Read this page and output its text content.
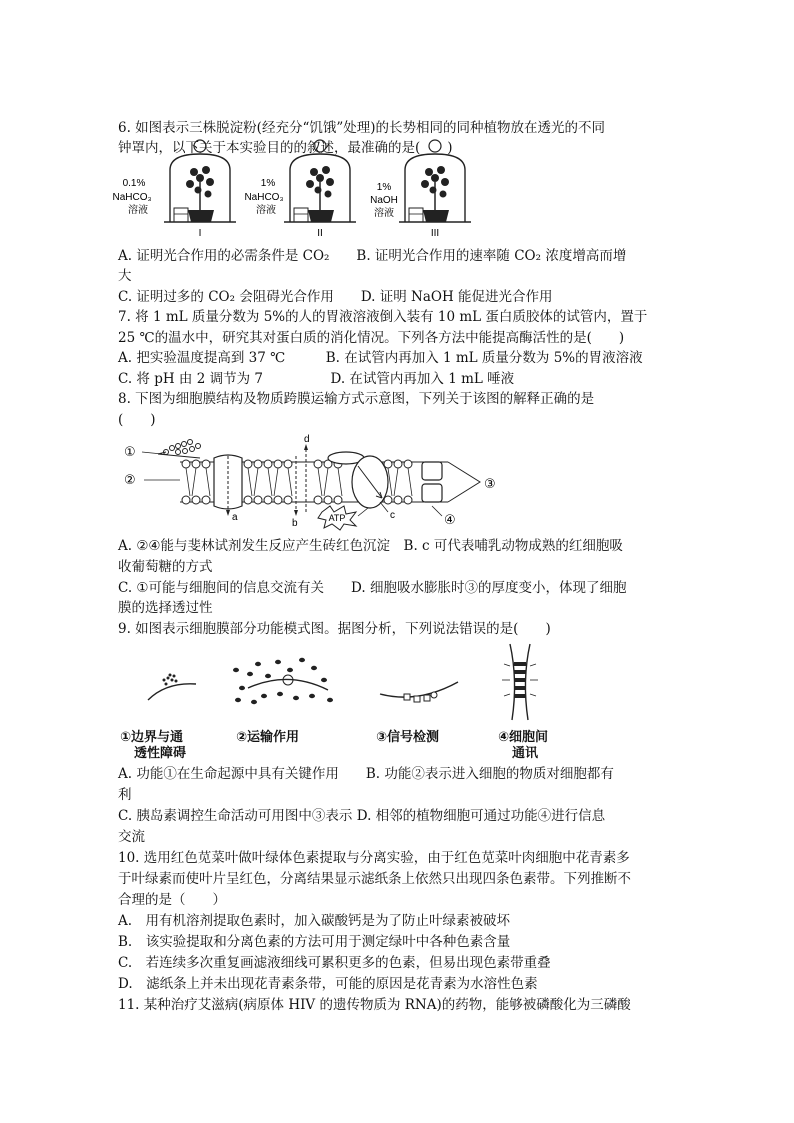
6. 如图表示三株脱淀粉(经充分“饥饿”处理)的长势相同的同种植物放在透光的不同
钟罩内，以下关于本实验目的的叙述，最准确的是(　　)
0.1%
NaHCO₃
溶液
1%
NaHCO₃
溶液
1%
NaOH
溶液
I	II	III
A. 证明光合作用的必需条件是 CO₂　　B. 证明光合作用的速率随 CO₂ 浓度增高而增
大
C. 证明过多的 CO₂ 会阻碍光合作用　　D. 证明 NaOH 能促进光合作用
7. 将 1 mL 质量分数为 5%的人的胃液溶液倒入装有 10 mL 蛋白质胶体的试管内，置于
25 ℃的温水中，研究其对蛋白质的消化情况。下列各方法中能提高酶活性的是(　　)
A. 把实验温度提高到 37 ℃　　　B. 在试管内再加入 1 mL 质量分数为 5%的胃液溶液
C. 将 pH 由 2 调节为 7　　　　　D. 在试管内再加入 1 mL 唾液
8. 下图为细胞膜结构及物质跨膜运输方式示意图，下列关于该图的解释正确的是
(　　)
a
b
d
ATP	c
①
②	③
④
A. ②④能与斐林试剂发生反应产生砖红色沉淀　B. c 可代表哺乳动物成熟的红细胞吸
收葡萄糖的方式
C. ①可能与细胞间的信息交流有关　　D. 细胞吸水膨胀时③的厚度变小，体现了细胞
膜的选择透过性
9. 如图表示细胞膜部分功能模式图。据图分析，下列说法错误的是(　　)
①边界与通
透性障碍
②运输作用	③信号检测	④细胞间
通讯
A. 功能①在生命起源中具有关键作用　　B. 功能②表示进入细胞的物质对细胞都有
利
C. 胰岛素调控生命活动可用图中③表示 D. 相邻的植物细胞可通过功能④进行信息
交流
10. 选用红色苋菜叶做叶绿体色素提取与分离实验，由于红色苋菜叶肉细胞中花青素多
于叶绿素而使叶片呈红色，分离结果显示滤纸条上依然只出现四条色素带。下列推断不
合理的是（　　）
A.　用有机溶剂提取色素时，加入碳酸钙是为了防止叶绿素被破坏
B.　该实验提取和分离色素的方法可用于测定绿叶中各种色素含量
C.　若连续多次重复画滤液细线可累积更多的色素，但易出现色素带重叠
D.　滤纸条上并未出现花青素条带，可能的原因是花青素为水溶性色素
11. 某种治疗艾滋病(病原体 HIV 的遗传物质为 RNA)的药物，能够被磷酸化为三磷酸
